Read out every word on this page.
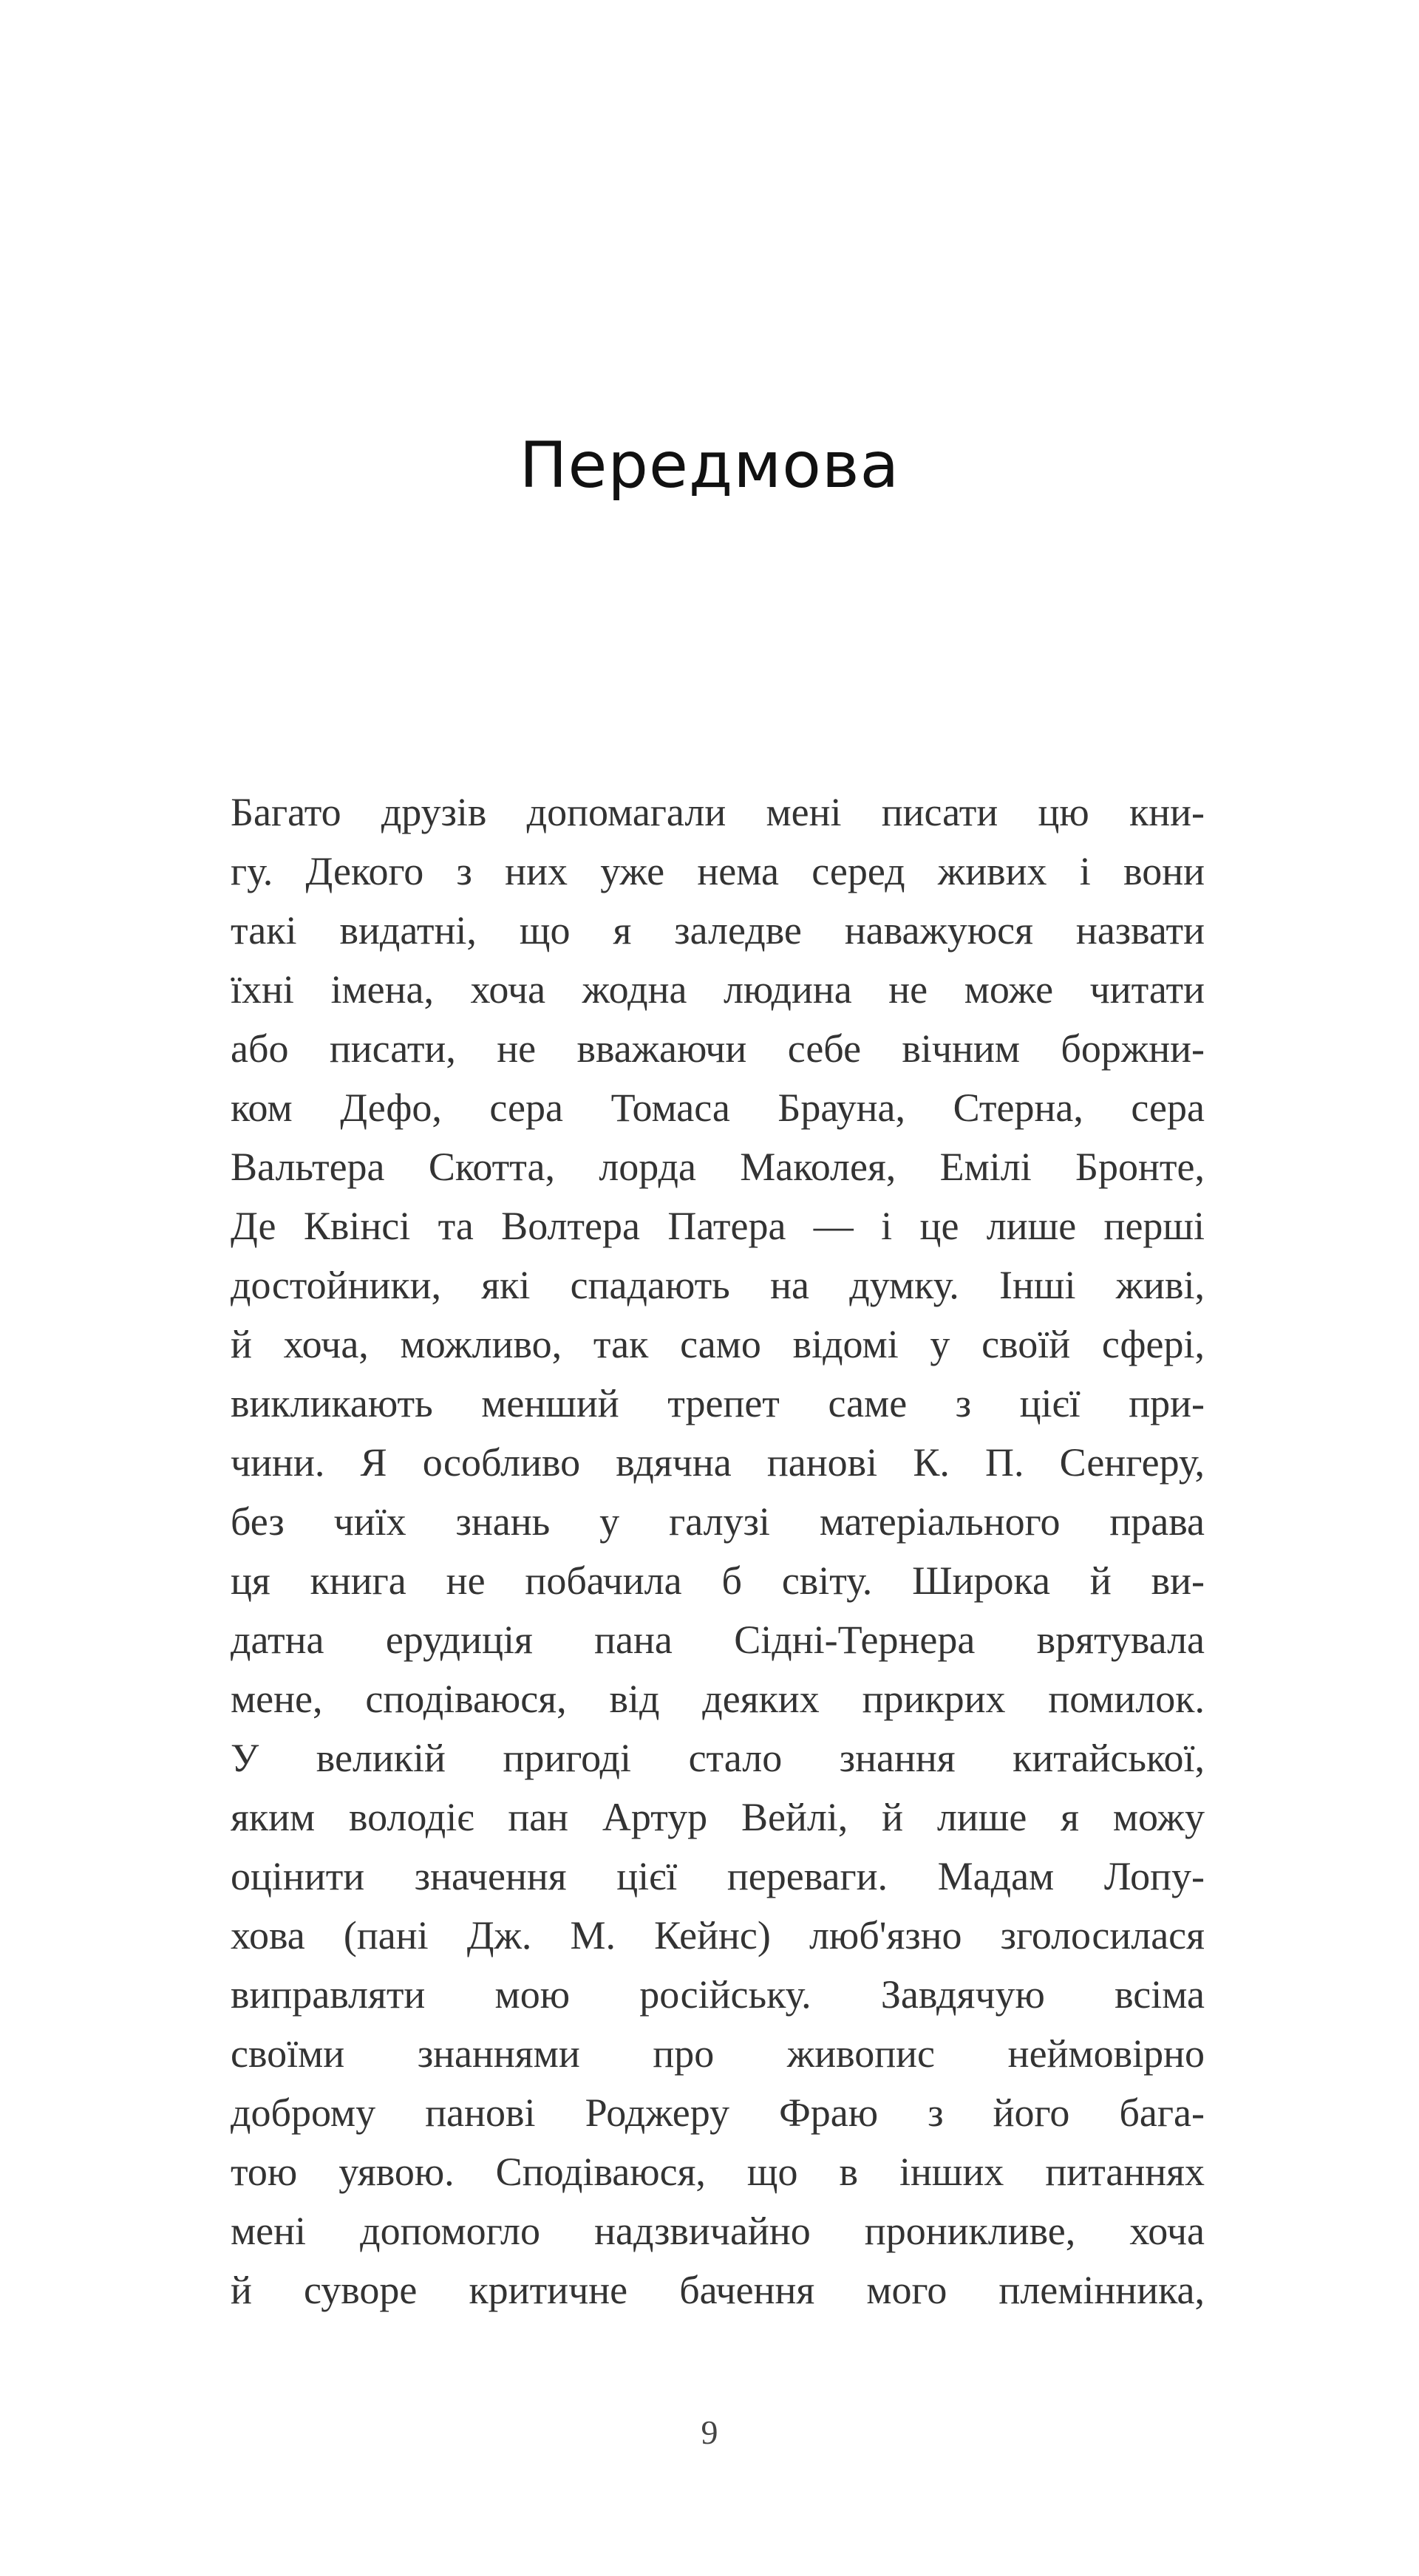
Передмова
Багато друзів допомагали мені писати цю кни-
гу. Декого з них уже нема серед живих і вони
такі видатні, що я заледве наважуюся назвати
їхні імена, хоча жодна людина не може читати
або писати, не вважаючи себе вічним боржни-
ком Дефо, сера Томаса Брауна, Стерна, сера
Вальтера Скотта, лорда Маколея, Емілі Бронте,
Де Квінсі та Волтера Патера — і це лише перші
достойники, які спадають на думку. Інші живі,
й хоча, можливо, так само відомі у своїй сфері,
викликають менший трепет саме з цієї при-
чини. Я особливо вдячна панові К. П. Сенгеру,
без чиїх знань у галузі матеріального права
ця книга не побачила б світу. Широка й ви-
датна ерудиція пана Сідні-Тернера врятувала
мене, сподіваюся, від деяких прикрих помилок.
У великій пригоді стало знання китайської,
яким володіє пан Артур Вейлі, й лише я можу
оцінити значення цієї переваги. Мадам Лопу-
хова (пані Дж. М. Кейнс) люб'язно зголосилася
виправляти мою російську. Завдячую всіма
своїми знаннями про живопис неймовірно
доброму панові Роджеру Фраю з його бага-
тою уявою. Сподіваюся, що в інших питаннях
мені допомогло надзвичайно проникливе, хоча
й суворе критичне бачення мого племінника,
9
